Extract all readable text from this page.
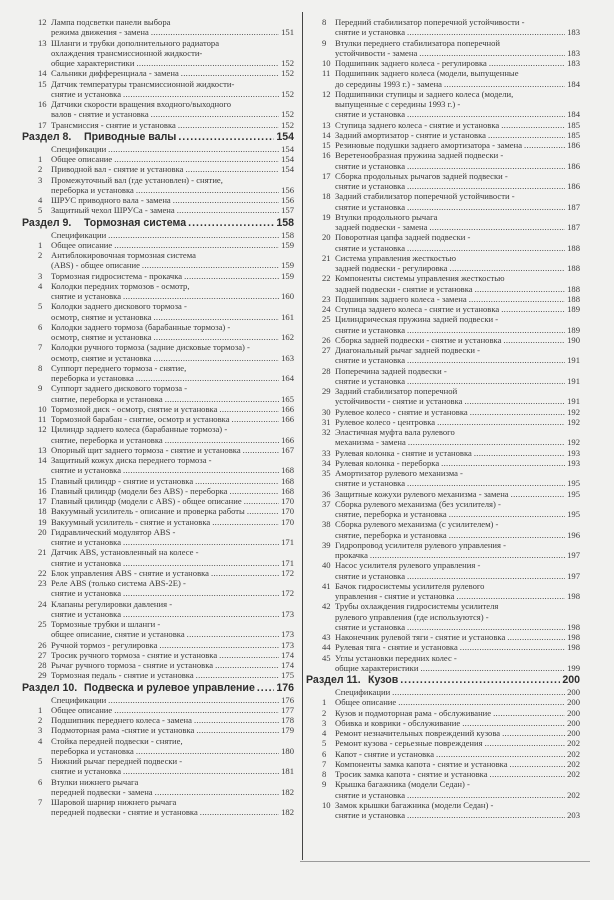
12 Лампа подсветки панели выбора
режима движения - замена .....	151
13 Шланги и трубки дополнительного радиатора
охлаждения трансмиссионной жидкости-
общие характеристики .....	152
14 Сальники дифференциала - замена .....	152
15 Датчик температуры трансмиссионной жидкости-
снятие и установка .....	152
16 Датчики скорости вращения входного/выходного
валов - снятие и установка .....	152
17 Трансмиссия - снятие и установка .....	152
Раздел 8.	Приводные валы .....	154
Спецификации .....	154
1	Общее описание .....	154
2	Приводной вал - снятие и установка .....	154
3	Промежуточный вал (где установлен) - снятие,
переборка и установка .....	156
4	ШРУС приводного вала - замена .....	156
5	Защитный чехол ШРУСа - замена .....	157
Раздел 9.	Тормозная система .....	158
Спецификации .....	158
1	Общее описание .....	159
2	Антиблокировочная тормозная система
(ABS) - общее описание .....	159
3	Тормозная гидросистема - прокачка .....	159
4	Колодки передних тормозов - осмотр,
снятие и установка .....	160
5	Колодки заднего дискового тормоза -
осмотр, снятие и установка .....	161
6	Колодки заднего тормоза (барабанные тормоза) -
осмотр, снятие и установка .....	162
7	Колодки ручного тормоза (задние дисковые тормоза) -
осмотр, снятие и установка .....	163
8	Суппорт переднего тормоза - снятие,
переборка и установка .....	164
9	Суппорт заднего дискового тормоза -
снятие, переборка и установка .....	165
10 Тормозной диск - осмотр, снятие и установка .....	166
11 Тормозной барабан - снятие, осмотр и установка .....	166
12 Цилиндр заднего колеса (барабанные тормоза) -
снятие, переборка и установка .....	166
13 Опорный щит заднего тормоза - снятие и установка .....	167
14 Защитный кожух диска переднего тормоза -
снятие и установка .....	168
15 Главный цилиндр - снятие и установка .....	168
16 Главный цилиндр (модели без ABS) - переборка .....	168
17 Главный цилиндр (модели с ABS) - общее описание .....	170
18 Вакуумный усилитель - описание и проверка работы .....	170
19 Вакуумный усилитель - снятие и установка .....	170
20 Гидравлический модулятор ABS -
снятие и установка .....	171
21 Датчик ABS, установленный на колесе -
снятие и установка .....	171
22 Блок управления ABS - снятие и установка .....	172
23 Реле ABS (только система ABS-2E) -
снятие и установка .....	172
24 Клапаны регулировки давления -
снятие и установка .....	173
25 Тормозные трубки и шланги -
общее описание, снятие и установка .....	173
26 Ручной тормоз - регулировка .....	173
27 Тросик ручного тормоза - снятие и установка .....	174
28 Рычаг ручного тормоза - снятие и установка .....	174
29 Тормозная педаль - снятие и установка .....	175
Раздел 10. Подвеска и рулевое управление ..... 176
Спецификации .....	176
1	Общее описание .....	177
2	Подшипник переднего колеса - замена .....	178
3	Подмоторная рама -снятие и установка .....	179
4	Стойка передней подвески - снятие,
переборка и установка .....	180
5	Нижний рычаг передней подвески -
снятие и установка .....	181
6	Втулки нижнего рычага
передней подвески - замена .....	182
7	Шаровой шарнир нижнего рычага
передней подвески - снятие и установка .....	182
8	Передний стабилизатор поперечной устойчивости -
снятие и установка .....	183
9	Втулки переднего стабилизатора поперечной
устойчивости - замена .....	183
10 Подшипник заднего колеса - регулировка .....	183
11 Подшипник заднего колеса (модели, выпущенные
до середины 1993 г.) - замена .....	184
12 Подшипники ступицы и заднего колеса (модели,
выпущенные с середины 1993 г.) -
снятие и установка .....	184
13 Ступица заднего колеса - снятие и установка .....	185
14 Задний амортизатор - снятие и установка .....	185
15 Резиновые подушки заднего амортизатора - замена .....	186
16 Веретенообразная пружина задней подвески -
снятие и установка .....	186
17 Сборка продольных рычагов задней подвески -
снятие и установка .....	186
18 Задний стабилизатор поперечной устойчивости -
снятие и установка .....	187
19 Втулки продольного рычага
задней подвески - замена .....	187
20 Поворотная цапфа задней подвески -
снятие и установка .....	188
21 Система управления жесткостью
задней подвески - регулировка .....	188
22 Компоненты системы управления жесткостью
задней подвески - снятие и установка .....	188
23 Подшипник заднего колеса - замена .....	188
24 Ступица заднего колеса - снятие и установка .....	189
25 Цилиндрическая пружина задней подвески -
снятие и установка .....	189
26 Сборка задней подвески - снятие и установка .....	190
27 Диагональный рычаг задней подвески -
снятие и установка .....	191
28 Поперечина задней подвески -
снятие и установка .....	191
29 Задний стабилизатор поперечной
устойчивости - снятие и установка .....	191
30 Рулевое колесо - снятие и установка .....	192
31 Рулевое колесо - центровка .....	192
32 Эластичная муфта вала рулевого
механизма - замена .....	192
33 Рулевая колонка - снятие и установка .....	193
34 Рулевая колонка - переборка .....	193
35 Амортизатор рулевого механизма -
снятие и установка .....	195
36 Защитные кожухи рулевого механизма - замена .....	195
37 Сборка рулевого механизма (без усилителя) -
снятие, переборка и установка .....	195
38 Сборка рулевого механизма (с усилителем) -
снятие, переборка и установка .....	196
39 Гидропровод усилителя рулевого управления -
прокачка .....	197
40 Насос усилителя рулевого управления -
снятие и установка .....	197
41 Бачок гидросистемы усилителя рулевого
управления - снятие и установка .....	198
42 Трубы охлаждения гидросистемы усилителя
рулевого управления (где используются) -
снятие и установка .....	198
43 Наконечник рулевой тяги - снятие и установка .....	198
44 Рулевая тяга - снятие и установка .....	198
45 Углы установки передних колес -
общие характеристики .....	199
Раздел 11. Кузов .....	200
Спецификации .....	200
1	Общее описание .....	200
2	Кузов и подмоторная рама - обслуживание .....	200
3	Обивка и коврики - обслуживание .....	200
4	Ремонт незначительных повреждений кузова .....	200
5	Ремонт кузова - серьезные повреждения .....	202
6	Капот - снятие и установка .....	202
7	Компоненты замка капота - снятие и установка .....	202
8	Тросик замка капота - снятие и установка .....	202
9	Крышка багажника (модели Седан) -
снятие и установка .....	202
10 Замок крышки багажника (модели Седан) -
снятие и установка .....	203
